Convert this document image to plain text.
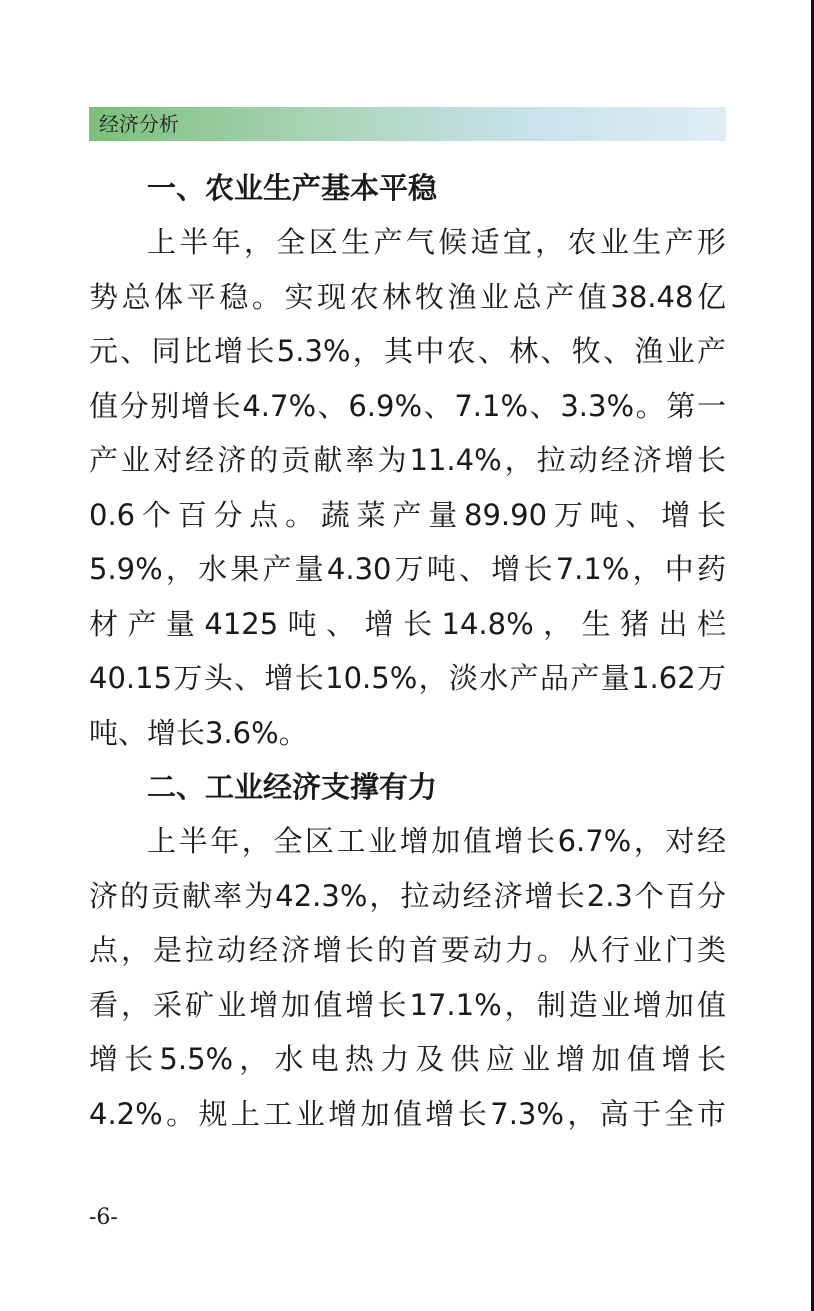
经济分析
一、农业生产基本平稳
上半年，全区生产气候适宜，农业生产形
势总体平稳。实现农林牧渔业总产值38.48亿
元、同比增长5.3%，其中农、林、牧、渔业产
值分别增长4.7%、6.9%、7.1%、3.3%。第一
产业对经济的贡献率为11.4%，拉动经济增长
0.6个百分点。蔬菜产量89.90万吨、增长
5.9%，水果产量4.30万吨、增长7.1%，中药
材产量4125吨、增长14.8%，生猪出栏
40.15万头、增长10.5%，淡水产品产量1.62万
吨、增长3.6%。
二、工业经济支撑有力
上半年，全区工业增加值增长6.7%，对经
济的贡献率为42.3%，拉动经济增长2.3个百分
点，是拉动经济增长的首要动力。从行业门类
看，采矿业增加值增长17.1%，制造业增加值
增长5.5%，水电热力及供应业增加值增长
4.2%。规上工业增加值增长7.3%，高于全市
-6-
